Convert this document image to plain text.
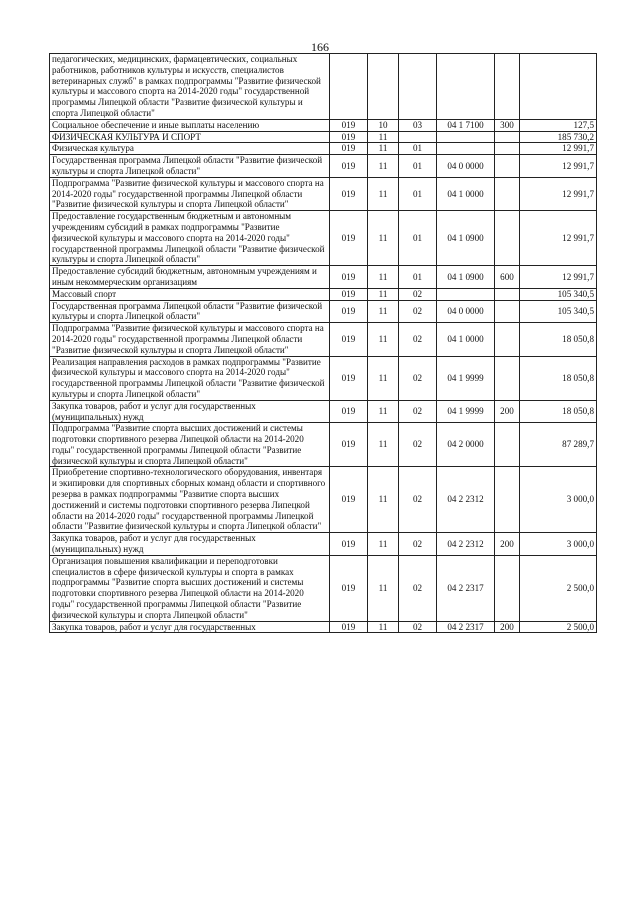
166
педагогических, медицинских, фармацевтических, социальных работников, работников культуры и искусств, специалистов ветеринарных служб" в рамках подпрограммы "Развитие физической культуры и массового спорта на 2014-2020 годы" государственной программы Липецкой области "Развитие физической культуры и спорта Липецкой области"						
Социальное обеспечение и иные выплаты населению	019	10	03	04 1 7100	300	127,5
ФИЗИЧЕСКАЯ КУЛЬТУРА И СПОРТ	019	11				185 730,2
Физическая культура	019	11	01			12 991,7
Государственная программа Липецкой области "Развитие физической культуры и спорта Липецкой области"	019	11	01	04 0 0000		12 991,7
Подпрограмма "Развитие физической культуры и массового спорта на 2014-2020 годы" государственной программы Липецкой области "Развитие физической культуры и спорта Липецкой области"	019	11	01	04 1 0000		12 991,7
Предоставление государственным бюджетным и автономным учреждениям субсидий в рамках подпрограммы "Развитие физической культуры и массового спорта на 2014-2020 годы" государственной программы Липецкой области "Развитие физической культуры и спорта Липецкой области"	019	11	01	04 1 0900		12 991,7
Предоставление субсидий бюджетным, автономным учреждениям и иным некоммерческим организациям	019	11	01	04 1 0900	600	12 991,7
Массовый спорт	019	11	02			105 340,5
Государственная программа Липецкой области "Развитие физической культуры и спорта Липецкой области"	019	11	02	04 0 0000		105 340,5
Подпрограмма "Развитие физической культуры и массового спорта на 2014-2020 годы" государственной программы Липецкой области "Развитие физической культуры и спорта Липецкой области"	019	11	02	04 1 0000		18 050,8
Реализация направления расходов в рамках подпрограммы "Развитие физической культуры и массового спорта на 2014-2020 годы" государственной программы Липецкой области "Развитие физической культуры и спорта Липецкой области"	019	11	02	04 1 9999		18 050,8
Закупка товаров, работ и услуг для государственных (муниципальных) нужд	019	11	02	04 1 9999	200	18 050,8
Подпрограмма "Развитие спорта высших достижений и системы подготовки спортивного резерва Липецкой области на 2014-2020 годы" государственной программы Липецкой области "Развитие физической культуры и спорта Липецкой области"	019	11	02	04 2 0000		87 289,7
Приобретение спортивно-технологического оборудования, инвентаря и экипировки для спортивных сборных команд области и спортивного резерва в рамках подпрограммы "Развитие спорта высших достижений и системы подготовки спортивного резерва Липецкой области на 2014-2020 годы" государственной программы Липецкой области "Развитие физической культуры и спорта Липецкой области"	019	11	02	04 2 2312		3 000,0
Закупка товаров, работ и услуг для государственных (муниципальных) нужд	019	11	02	04 2 2312	200	3 000,0
Организация повышения квалификации и переподготовки специалистов в сфере физической культуры и спорта в рамках подпрограммы "Развитие спорта высших достижений и системы подготовки спортивного резерва Липецкой области на 2014-2020 годы" государственной программы Липецкой области "Развитие физической культуры и спорта Липецкой области"	019	11	02	04 2 2317		2 500,0
Закупка товаров, работ и услуг для государственных	019	11	02	04 2 2317	200	2 500,0
